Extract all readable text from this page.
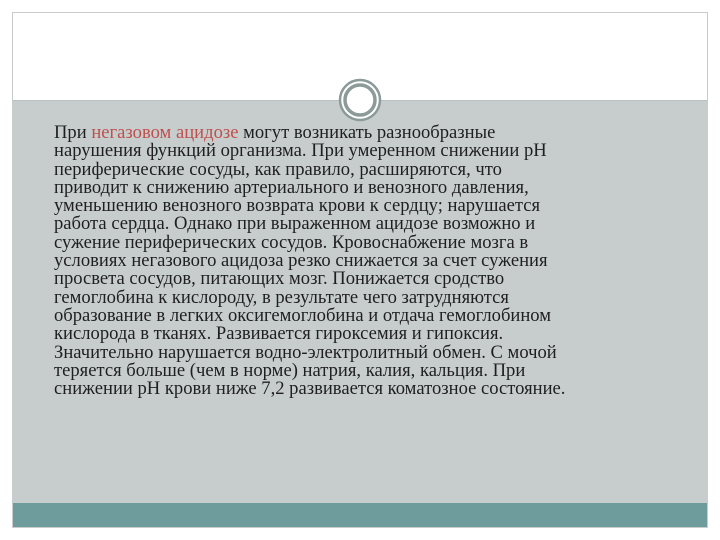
При негазовом ацидозе могут возникать разнообразные
нарушения функций организма. При умеренном снижении рН
периферические сосуды, как правило, расширяются, что
приводит к снижению артериального и венозного давления,
уменьшению венозного возврата крови к сердцу; нарушается
работа сердца. Однако при выраженном ацидозе возможно и
сужение периферических сосудов. Кровоснабжение мозга в
условиях негазового ацидоза резко снижается за счет сужения
просвета сосудов, питающих мозг. Понижается сродство
гемоглобина к кислороду, в результате чего затрудняются
образование в легких оксигемоглобина и отдача гемоглобином
кислорода в тканях. Развивается гироксемия и гипоксия.
Значительно нарушается водно-электролитный обмен. С мочой
теряется больше (чем в норме) натрия, калия, кальция. При
снижении рН крови ниже 7,2 развивается коматозное состояние.
